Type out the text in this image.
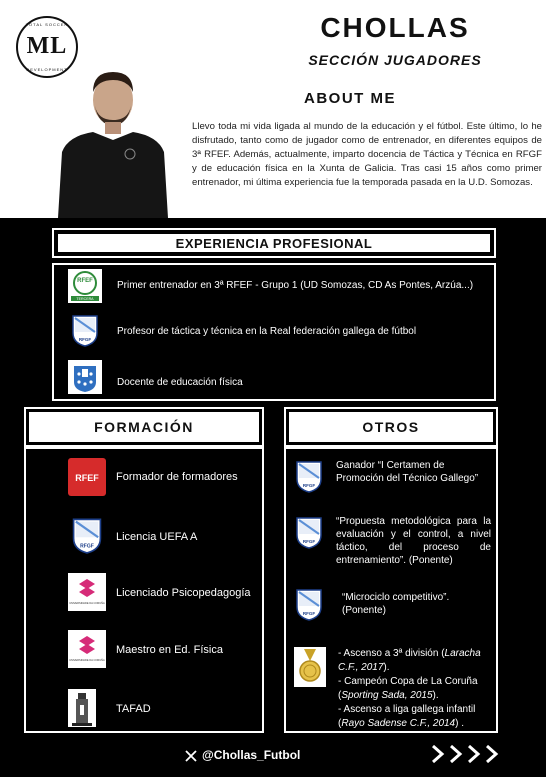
TOTAL SOCCER
ML
DEVELOPMENT
CHOLLAS
SECCIÓN JUGADORES
ABOUT ME
Llevo toda mi vida ligada al mundo de la educación y el fútbol. Este último, lo he disfrutado, tanto como de jugador como de entrenador, en diferentes equipos de 3ª RFEF. Además, actualmente, imparto docencia de Táctica y Técnica en RFGF y de educación física en la Xunta de Galicia. Tras casi 15 años como primer entrenador, mi última experiencia fue la temporada pasada en la U.D. Somozas.
EXPERIENCIA PROFESIONAL
RFEF
TERCERA
Primer entrenador en 3ª RFEF - Grupo 1 (UD Somozas, CD As Pontes, Arzúa...)
RFGF
Profesor de táctica y técnica en la Real federación gallega de fútbol
Docente de educación física
FORMACIÓN
RFEF Formador de formadores
RFGF
Licencia UEFA A
UNIVERSIDADE DA CORUÑA
Licenciado Psicopedagogía
UNIVERSIDADE DA CORUÑA
Maestro en Ed. Física
TAFAD
OTROS
RFGF
Ganador “I Certamen de Promoción del Técnico Gallego”
RFGF
“Propuesta metodológica para la evaluación y el control, a nivel táctico, del proceso de entrenamiento”. (Ponente)
RFGF
“Microciclo competitivo”. (Ponente)
- Ascenso a 3ª división (Laracha C.F., 2017).
- Campeón Copa de La Coruña (Sporting Sada, 2015).
- Ascenso a liga gallega infantil (Rayo Sadense C.F., 2014) .
@Chollas_Futbol
